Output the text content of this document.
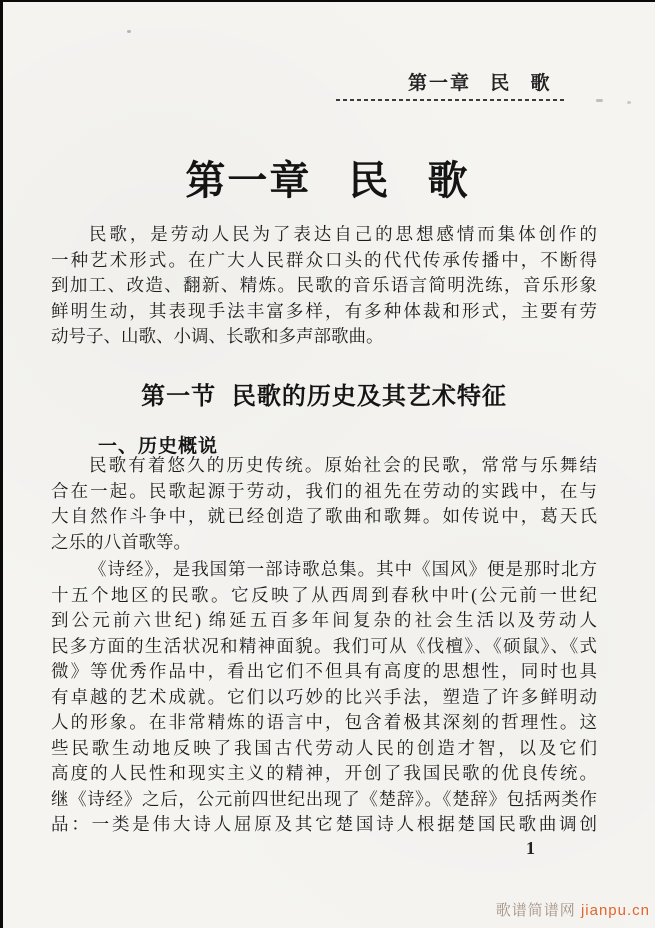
第一章 民 歌
第一章 民 歌
民歌，是劳动人民为了表达自己的思想感情而集体创作的
一种艺术形式。在广大人民群众口头的代代传承传播中，不断得
到加工、改造、翻新、精炼。民歌的音乐语言简明洗练，音乐形象
鲜明生动，其表现手法丰富多样，有多种体裁和形式，主要有劳
动号子、山歌、小调、长歌和多声部歌曲。
第一节 民歌的历史及其艺术特征
一、历史概说
民歌有着悠久的历史传统。原始社会的民歌，常常与乐舞结
合在一起。民歌起源于劳动，我们的祖先在劳动的实践中，在与
大自然作斗争中，就已经创造了歌曲和歌舞。如传说中，葛天氏
之乐的八首歌等。
《诗经》，是我国第一部诗歌总集。其中《国风》便是那时北方
十五个地区的民歌。它反映了从西周到春秋中叶(公元前一世纪
到公元前六世纪) 绵延五百多年间复杂的社会生活以及劳动人
民多方面的生活状况和精神面貌。我们可从《伐檀》、《硕鼠》、《式
微》等优秀作品中，看出它们不但具有高度的思想性，同时也具
有卓越的艺术成就。它们以巧妙的比兴手法，塑造了许多鲜明动
人的形象。在非常精炼的语言中，包含着极其深刻的哲理性。这
些民歌生动地反映了我国古代劳动人民的创造才智，以及它们
高度的人民性和现实主义的精神，开创了我国民歌的优良传统。
继《诗经》之后，公元前四世纪出现了《楚辞》。《楚辞》包括两类作
品：一类是伟大诗人屈原及其它楚国诗人根据楚国民歌曲调创
1
歌谱简谱网 jianpu.cn
